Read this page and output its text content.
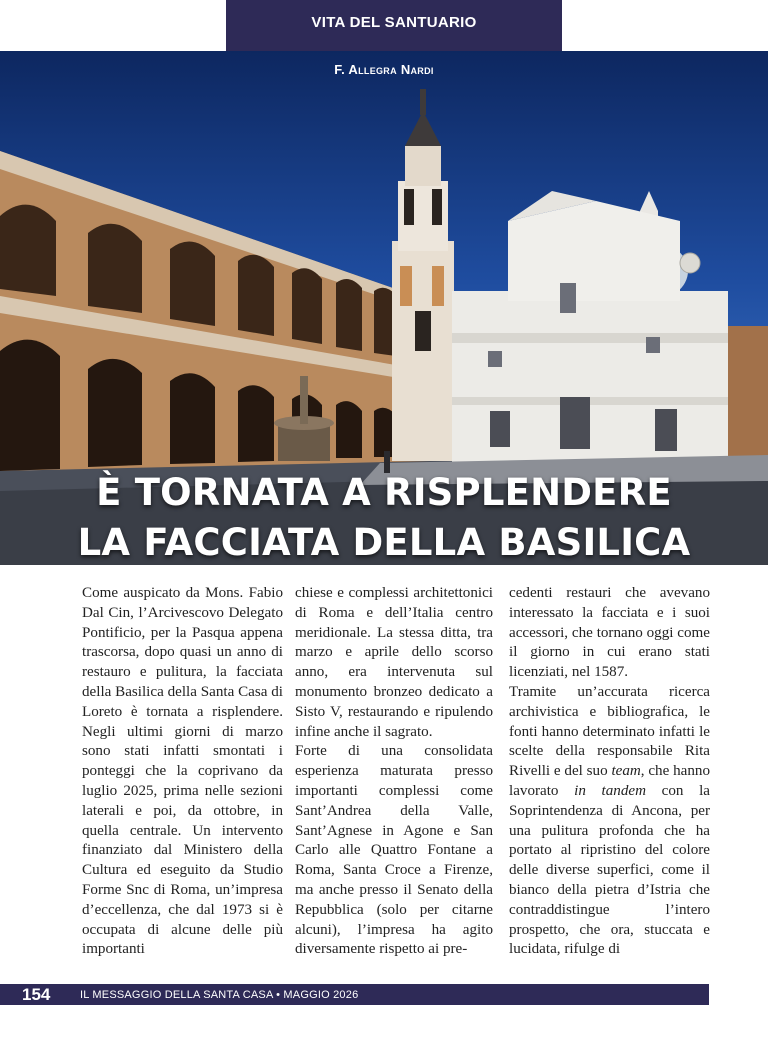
VITA DEL SANTUARIO
F. Allegra Nardi
È TORNATA A RISPLENDERE
LA FACCIATA DELLA BASILICA

Come auspicato da Mons. Fabio Dal Cin, l’Arcivescovo Delegato Pontificio, per la Pasqua appena trascorsa, dopo quasi un anno di restauro e pulitura, la facciata della Basilica della Santa Casa di Loreto è tornata a risplendere. Negli ultimi giorni di marzo sono stati infatti smontati i ponteggi che la coprivano da luglio 2025, prima nelle sezioni laterali e poi, da ottobre, in quella centrale. Un intervento finanziato dal Ministero della Cultura ed eseguito da Studio Forme Snc di Roma, un’impresa d’eccellenza, che dal 1973 si è occupata di alcune delle più importanti

chiese e complessi architettonici di Roma e dell’Italia centro meridionale. La stessa ditta, tra marzo e aprile dello scorso anno, era intervenuta sul monumento bronzeo dedicato a Sisto V, restaurando e ripulendo infine anche il sagrato.

Forte di una consolidata esperienza maturata presso importanti complessi come Sant’Andrea della Valle, Sant’Agnese in Agone e San Carlo alle Quattro Fontane a Roma, Santa Croce a Firenze, ma anche presso il Senato della Repubblica (solo per citarne alcuni), l’impresa ha agito diversamente rispetto ai pre-

cedenti restauri che avevano interessato la facciata e i suoi accessori, che tornano oggi come il giorno in cui erano stati licenziati, nel 1587.

Tramite un’accurata ricerca archivistica e bibliografica, le fonti hanno determinato infatti le scelte della responsabile Rita Rivelli e del suo team, che hanno lavorato in tandem con la Soprintendenza di Ancona, per una pulitura profonda che ha portato al ripristino del colore delle diverse superfici, come il bianco della pietra d’Istria che contraddistingue l’intero prospetto, che ora, stuccata e lucidata, rifulge di

154	IL MESSAGGIO DELLA SANTA CASA • MAGGIO 2026
